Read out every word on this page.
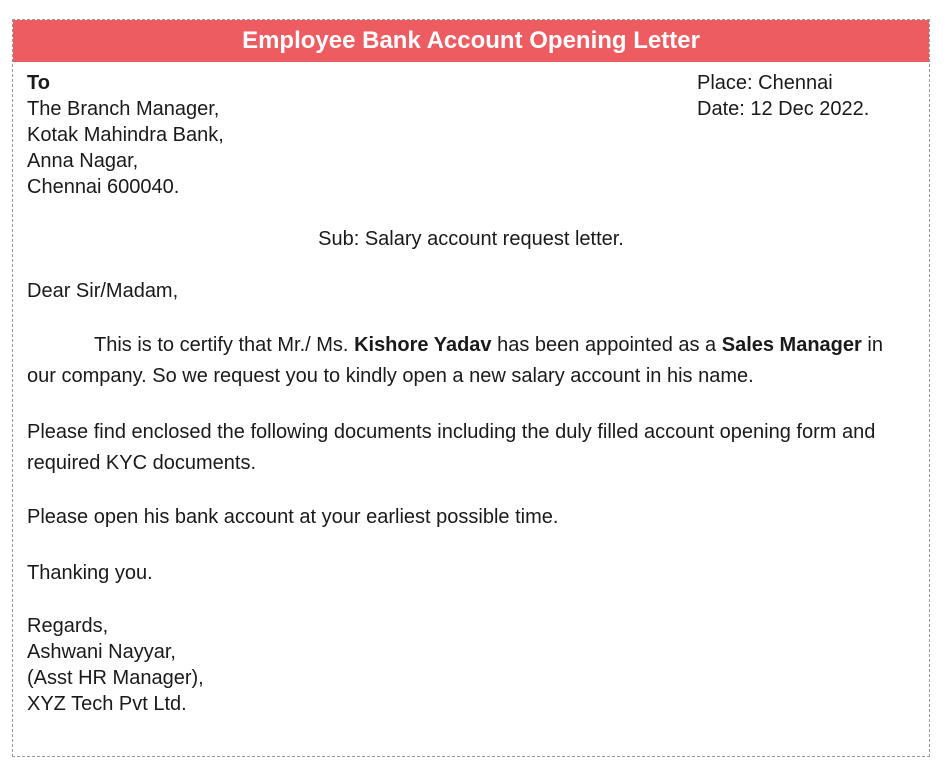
Employee Bank Account Opening Letter
To
The Branch Manager,
Kotak Mahindra Bank,
Anna Nagar,
Chennai 600040.
Place: Chennai
Date: 12 Dec 2022.
Sub: Salary account request letter.
Dear Sir/Madam,
This is to certify that Mr./ Ms. Kishore Yadav has been appointed as a Sales Manager in our company. So we request you to kindly open a new salary account in his name.
Please find enclosed the following documents including the duly filled account opening form and required KYC documents.
Please open his bank account at your earliest possible time.
Thanking you.
Regards,
Ashwani Nayyar,
(Asst HR Manager),
XYZ Tech Pvt Ltd.
